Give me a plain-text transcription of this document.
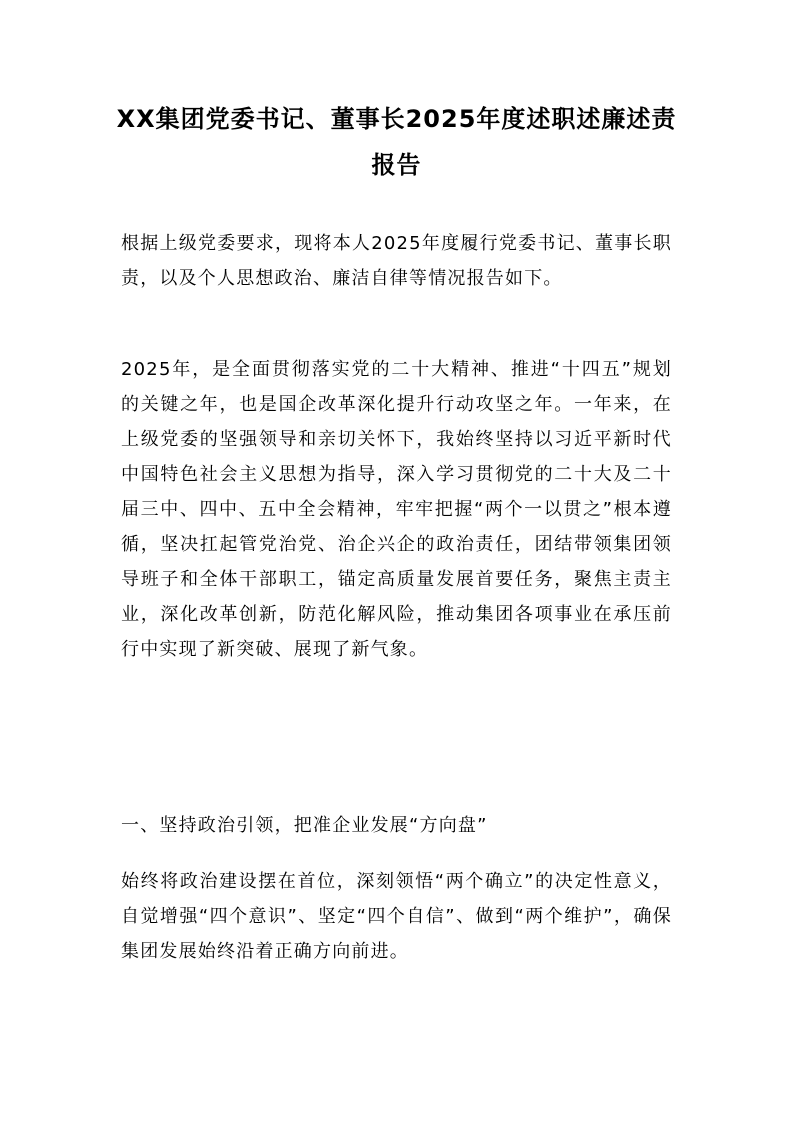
XX集团党委书记、董事长2025年度述职述廉述责报告

根据上级党委要求，现将本人2025年度履行党委书记、董事长职责，以及个人思想政治、廉洁自律等情况报告如下。

2025年，是全面贯彻落实党的二十大精神、推进“十四五”规划的关键之年，也是国企改革深化提升行动攻坚之年。一年来，在上级党委的坚强领导和亲切关怀下，我始终坚持以习近平新时代中国特色社会主义思想为指导，深入学习贯彻党的二十大及二十届三中、四中、五中全会精神，牢牢把握“两个一以贯之”根本遵循，坚决扛起管党治党、治企兴企的政治责任，团结带领集团领导班子和全体干部职工，锚定高质量发展首要任务，聚焦主责主业，深化改革创新，防范化解风险，推动集团各项事业在承压前行中实现了新突破、展现了新气象。

一、坚持政治引领，把准企业发展“方向盘”

始终将政治建设摆在首位，深刻领悟“两个确立”的决定性意义，自觉增强“四个意识”、坚定“四个自信”、做到“两个维护”，确保集团发展始终沿着正确方向前进。
